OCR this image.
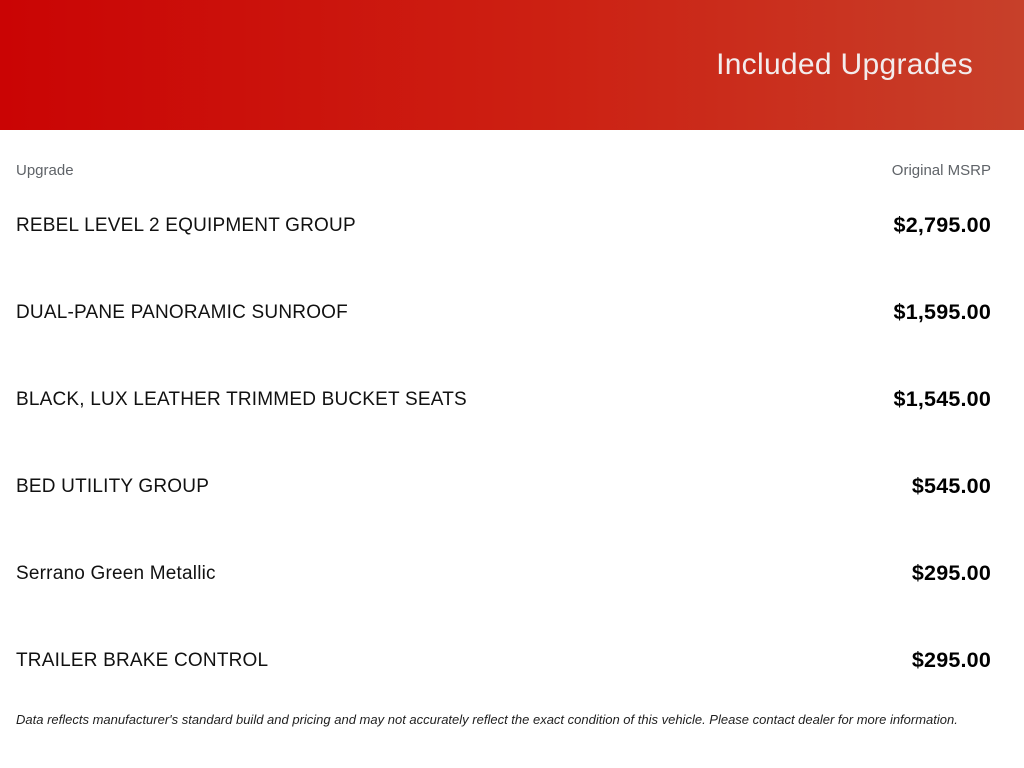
Included Upgrades
Upgrade	Original MSRP
REBEL LEVEL 2 EQUIPMENT GROUP	$2,795.00
DUAL-PANE PANORAMIC SUNROOF	$1,595.00
BLACK, LUX LEATHER TRIMMED BUCKET SEATS	$1,545.00
BED UTILITY GROUP	$545.00
Serrano Green Metallic	$295.00
TRAILER BRAKE CONTROL	$295.00
Data reflects manufacturer's standard build and pricing and may not accurately reflect the exact condition of this vehicle. Please contact dealer for more information.
